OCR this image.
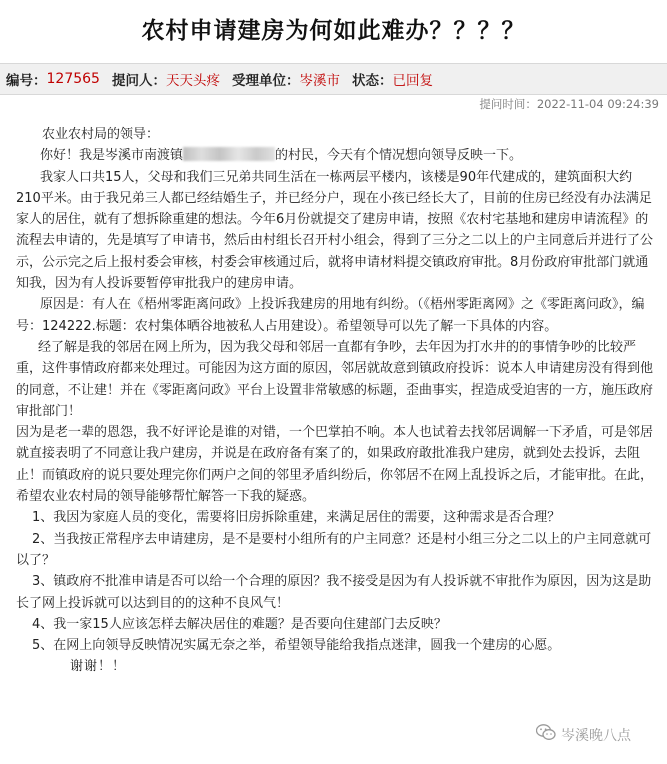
农村申请建房为何如此难办？？？？
编号： 127565 提问人： 天天头疼 受理单位： 岑溪市 状态： 已回复
提问时间：2022-11-04 09:24:39

农业农村局的领导：

你好！我是岑溪市南渡镇	的村民，今天有个情况想向领导反映一下。

我家人口共15人，父母和我们三兄弟共同生活在一栋两层平楼内，该楼是90年代建成的，建筑面积大约210平米。由于我兄弟三人都已经结婚生子，并已经分户，现在小孩已经长大了，目前的住房已经没有办法满足家人的居住，就有了想拆除重建的想法。今年6月份就提交了建房申请，按照《农村宅基地和建房申请流程》的流程去申请的，先是填写了申请书，然后由村组长召开村小组会，得到了三分之二以上的户主同意后并进行了公示，公示完之后上报村委会审核，村委会审核通过后，就将申请材料提交镇政府审批。8月份政府审批部门就通知我，因为有人投诉要暂停审批我户的建房申请。

原因是：有人在《梧州零距离问政》上投诉我建房的用地有纠纷。（《梧州零距离网》之《零距离问政》，编号：124222.标题：农村集体晒谷地被私人占用建设）。希望领导可以先了解一下具体的内容。

经了解是我的邻居在网上所为，因为我父母和邻居一直都有争吵，去年因为打水井的的事情争吵的比较严重，这件事情政府都来处理过。可能因为这方面的原因，邻居就故意到镇政府投诉：说本人申请建房没有得到他的同意，不让建！并在《零距离问政》平台上设置非常敏感的标题，歪曲事实，捏造成受迫害的一方，施压政府审批部门！

因为是老一辈的恩怨，我不好评论是谁的对错，一个巴掌拍不响。本人也试着去找邻居调解一下矛盾，可是邻居就直接表明了不同意让我户建房，并说是在政府备有案了的，如果政府敢批准我户建房，就到处去投诉，去阻止！而镇政府的说只要处理完你们两户之间的邻里矛盾纠纷后，你邻居不在网上乱投诉之后，才能审批。在此，希望农业农村局的领导能够帮忙解答一下我的疑惑。

1、我因为家庭人员的变化，需要将旧房拆除重建，来满足居住的需要，这种需求是否合理？

2、当我按正常程序去申请建房，是不是要村小组所有的户主同意？还是村小组三分之二以上的户主同意就可以了？

3、镇政府不批准申请是否可以给一个合理的原因？我不接受是因为有人投诉就不审批作为原因，因为这是助长了网上投诉就可以达到目的的这种不良风气！

4、我一家15人应该怎样去解决居住的难题？是否要向住建部门去反映？

5、在网上向领导反映情况实属无奈之举，希望领导能给我指点迷津，圆我一个建房的心愿。

谢谢！！

岑溪晚八点
